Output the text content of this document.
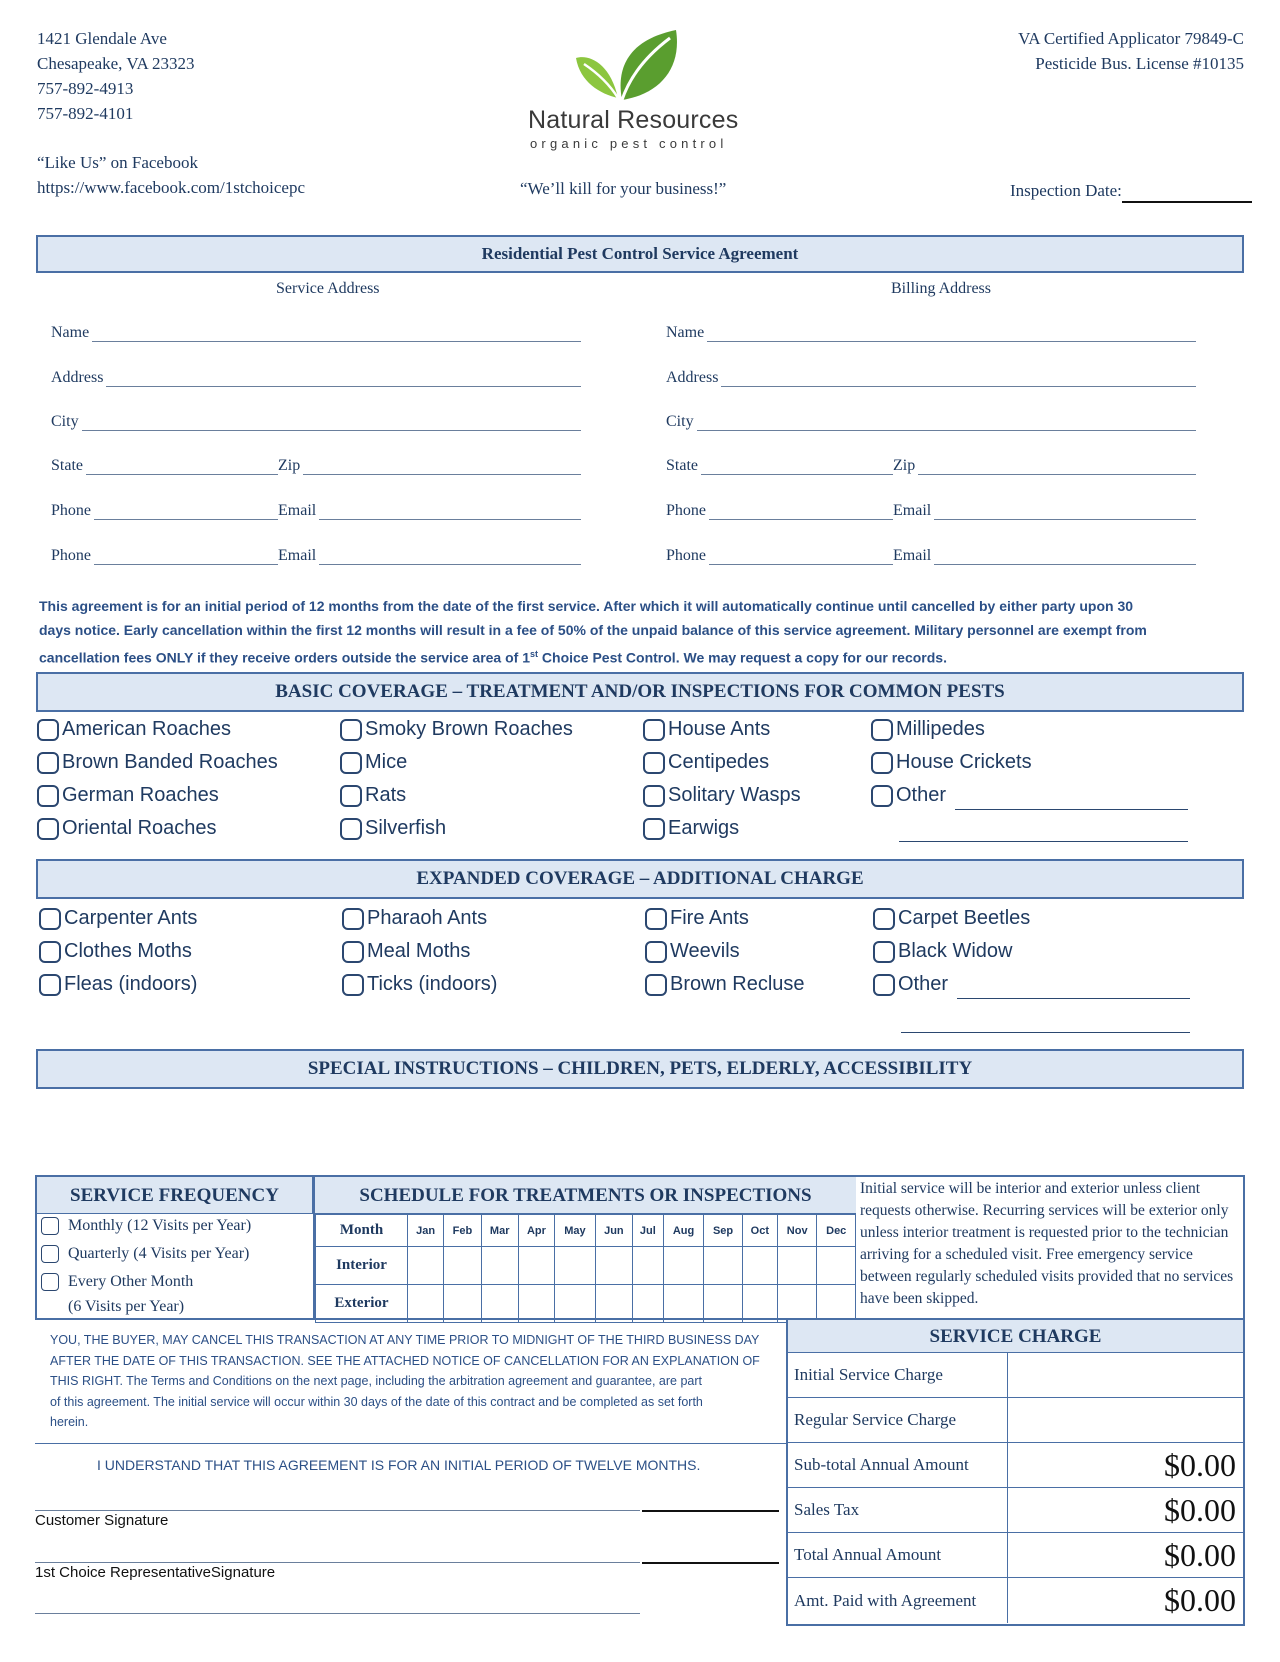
1421 Glendale Ave
Chesapeake, VA 23323
757-892-4913
757-892-4101
“Like Us” on Facebook
https://www.facebook.com/1stchoicepc
VA Certified Applicator 79849-C
Pesticide Bus. License #10135
Natural Resources
organic pest control
“We’ll kill for your business!”	Inspection Date:
Residential Pest Control Service Agreement
Service Address	Billing Address
Name
Address
City
State	Zip
Phone	Email
Phone	Email
Name
Address
City
State	Zip
Phone	Email
Phone	Email
This agreement is for an initial period of 12 months from the date of the first service. After which it will automatically continue until cancelled by either party upon 30
days notice. Early cancellation within the first 12 months will result in a fee of 50% of the unpaid balance of this service agreement. Military personnel are exempt from
cancellation fees ONLY if they receive orders outside the service area of 1st Choice Pest Control. We may request a copy for our records.
BASIC COVERAGE – TREATMENT AND/OR INSPECTIONS FOR COMMON PESTS
American Roaches
Brown Banded Roaches
German Roaches
Oriental Roaches
Smoky Brown Roaches
Mice
Rats
Silverfish
House Ants
Centipedes
Solitary Wasps
Earwigs
Millipedes
House Crickets
Other
EXPANDED COVERAGE – ADDITIONAL CHARGE
Carpenter Ants
Clothes Moths
Fleas (indoors)
Pharaoh Ants
Meal Moths
Ticks (indoors)
Fire Ants
Weevils
Brown Recluse
Carpet Beetles
Black Widow
Other
SPECIAL INSTRUCTIONS – CHILDREN, PETS, ELDERLY, ACCESSIBILITY
SERVICE FREQUENCY
Monthly (12 Visits per Year)
Quarterly (4 Visits per Year)
Every Other Month
(6 Visits per Year)
SCHEDULE FOR TREATMENTS OR INSPECTIONS
Month	Jan	Feb	Mar	Apr	May	Jun	Jul	Aug	Sep	Oct	Nov	Dec
Interior												
Exterior												
Initial service will be interior and exterior unless client requests otherwise. Recurring services will be exterior only unless interior treatment is requested prior to the technician arriving for a scheduled visit. Free emergency service between regularly scheduled visits provided that no services have been skipped.
YOU, THE BUYER, MAY CANCEL THIS TRANSACTION AT ANY TIME PRIOR TO MIDNIGHT OF THE THIRD BUSINESS DAY
AFTER THE DATE OF THIS TRANSACTION. SEE THE ATTACHED NOTICE OF CANCELLATION FOR AN EXPLANATION OF
THIS RIGHT. The Terms and Conditions on the next page, including the arbitration agreement and guarantee, are part
of this agreement. The initial service will occur within 30 days of the date of this contract and be completed as set forth
herein.
I UNDERSTAND THAT THIS AGREEMENT IS FOR AN INITIAL PERIOD OF TWELVE MONTHS.
Customer Signature
1st Choice RepresentativeSignature
SERVICE CHARGE
Initial Service Charge
Regular Service Charge
Sub-total Annual Amount	$0.00
Sales Tax	$0.00
Total Annual Amount	$0.00
Amt. Paid with Agreement	$0.00
